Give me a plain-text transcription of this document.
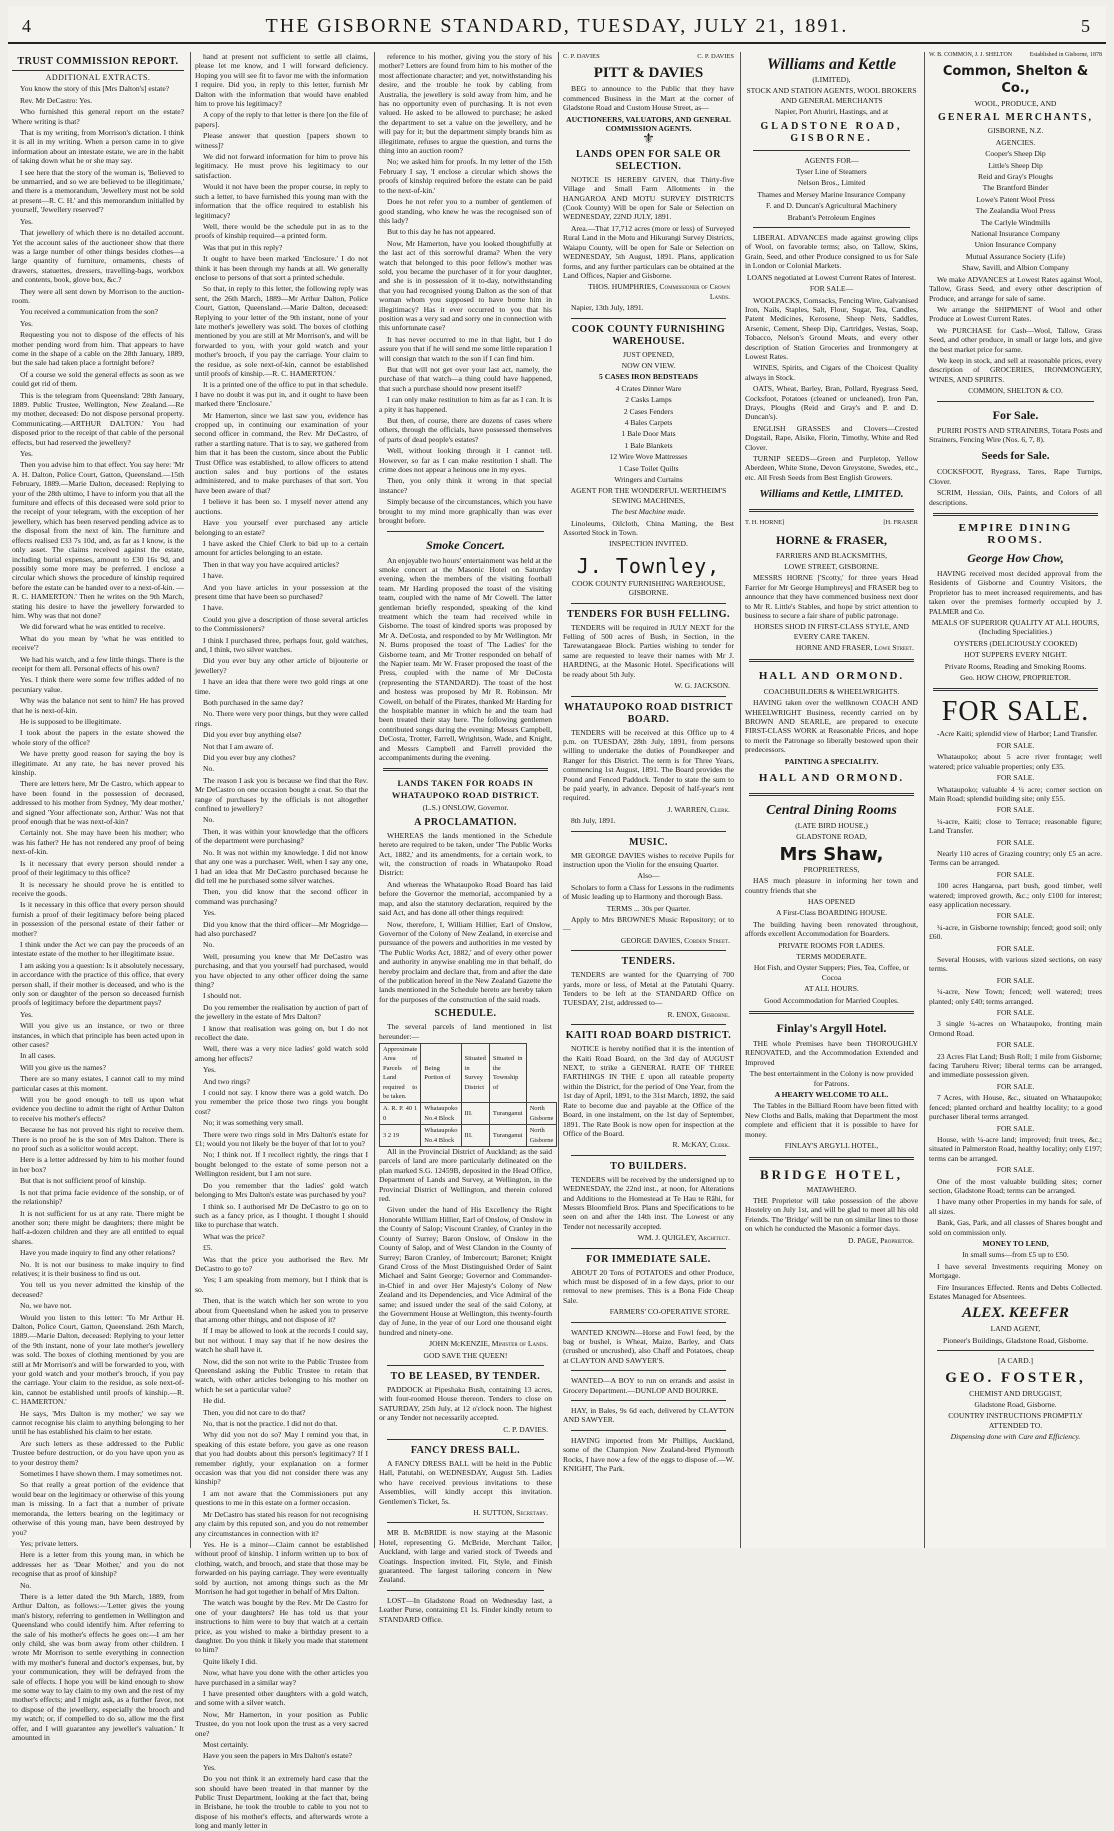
4	THE GISBORNE STANDARD, TUESDAY, JULY 21, 1891.	5
TRUST COMMISSION REPORT.
ADDITIONAL EXTRACTS.

You know the story of this [Mrs Dalton's] estate?

Rev. Mr DeCastro: Yes.

Who furnished this general report on the estate? Where writing is that?

That is my writing, from Morrison's dictation. I think it is all in my writing. When a person came in to give information about an intestate estate, we are in the habit of taking down what he or she may say.

I see here that the story of the woman is, 'Believed to be unmarried, and so we are believed to be illegitimate,' and there is a memorandum, 'Jewellery must not be sold at present—R. C. H.' and this memorandum initialled by yourself, 'Jewellery reserved'?

Yes.

That jewellery of which there is no detailed account. Yet the account sales of the auctioneer show that there was a large number of other things besides clothes—a large quantity of furniture, ornaments, chests of drawers, statuettes, dressers, travelling-bags, workbox and contents, book, glove box, &c.?

They were all sent down by Morrison to the auction-room.

You received a communication from the son?

Yes.

Requesting you not to dispose of the effects of his mother pending word from him. That appears to have come in the shape of a cable on the 28th January, 1889, but the sale had taken place a fortnight before?

Of a course we sold the general effects as soon as we could get rid of them.

This is the telegram from Queensland: '28th January, 1889. Public Trustee, Wellington, New Zealand.—Re my mother, deceased: Do not dispose personal property. Communicating.—ARTHUR DALTON.' You had disposed prior to the receipt of that cable of the personal effects, but had reserved the jewellery?

Yes.

Then you advise him to that effect. You say here: 'Mr A. H. Dalton, Police Court, Gatton, Queensland.—15th February, 1889.—Marie Dalton, deceased: Replying to your of the 28th ultimo, I have to inform you that all the furniture and effects of this deceased were sold prior to the receipt of your telegram, with the exception of her jewellery, which has been reserved pending advice as to the disposal from the next of kin. The furniture and effects realised £33 7s 10d, and, as far as I know, is the only asset. The claims received against the estate, including burial expenses, amount to £30 16s 9d, and possibly some more may be preferred. I enclose a circular which shows the procedure of kinship required before the estate can be handed over to a next-of-kin. —R. C. HAMERTON.' Then he writes on the 9th March, stating his desire to have the jewellery forwarded to him. Why was that not done?

We did forward what he was entitled to receive.

What do you mean by 'what he was entitled to receive'?

We had his watch, and a few little things. There is the receipt for them all. Personal effects of his own?

Yes. I think there were some few trifles added of no pecuniary value.

Why was the balance not sent to him? He has proved that he is next-of-kin.

He is supposed to be illegitimate.

I took about the papers in the estate showed the whole story of the office?

We have pretty good reason for saying the boy is illegitimate. At any rate, he has never proved his kinship.

There are letters here, Mr De Castro, which appear to have been found in the possession of deceased, addressed to his mother from Sydney, 'My dear mother,' and signed 'Your affectionate son, Arthur.' Was not that proof enough that he was next-of-kin?

Certainly not. She may have been his mother; who was his father? He has not rendered any proof of being next-of-kin.

Is it necessary that every person should render a proof of their legitimacy to this office?

It is necessary he should prove he is entitled to receive the goods.

Is it necessary in this office that every person should furnish a proof of their legitimacy before being placed in possession of the personal estate of their father or mother?

I think under the Act we can pay the proceeds of an intestate estate of the mother to her illegitimate issue.

I am asking you a question: Is it absolutely necessary, in accordance with the practice of this office, that every person shall, if their mother is deceased, and who is the only son or daughter of the person so deceased furnish proofs of legitimacy before the department pays?

Yes.

Will you give us an instance, or two or three instances, in which that principle has been acted upon in other cases?

In all cases.

Will you give us the names?

There are so many estates, I cannot call to my mind particular cases at this moment.

Will you be good enough to tell us upon what evidence you decline to admit the right of Arthur Dalton to receive his mother's effects?

Because he has not proved his right to receive them. There is no proof he is the son of Mrs Dalton. There is no proof such as a solicitor would accept.

Here is a letter addressed by him to his mother found in her box?

But that is not sufficient proof of kinship.

Is not that prima facie evidence of the sonship, or of the relationship?

It is not sufficient for us at any rate. There might be another son; there might be daughters; there might be half-a-dozen children and they are all entitled to equal shares.

Have you made inquiry to find any other relations?

No. It is not our business to make inquiry to find relatives; it is their business to find us out.

You tell us you never admitted the kinship of the deceased?

No, we have not.

Would you listen to this letter: 'To Mr Arthur H. Dalton, Police Court, Gatton, Queensland. 26th March, 1889.—Marie Dalton, deceased: Replying to your letter of the 9th instant, none of your late mother's jewellery was sold. The boxes of clothing mentioned by you are still at Mr Morrison's and will be forwarded to you, with your gold watch and your mother's brooch, if you pay the carriage. Your claim to the residue, as sole next-of-kin, cannot be established until proofs of kinship.—R. C. HAMERTON.'

He says, 'Mrs Dalton is my mother;' we say we cannot recognise his claim to anything belonging to her until he has established his claim to her estate.

Are such letters as these addressed to the Public Trustee before destruction, or do you have upon you as to your destroy them?

Sometimes I have shown them. I may sometimes not.

So that really a great portion of the evidence that would bear on the legitimacy or otherwise of this young man is missing. In a fact that a number of private memoranda, the letters bearing on the legitimacy or otherwise of this young man, have been destroyed by you?

Yes; private letters.

Here is a letter from this young man, in which he addresses her as 'Dear Mother,' and you do not recognise that as proof of kinship?

No.

There is a letter dated the 9th March, 1889, from Arthur Dalton, as follows:—'Letter gives the young man's history, referring to gentlemen in Wellington and Queensland who could identify him. After referring to the sale of his mother's effects he goes on:—I am her only child, she was born away from other children. I wrote Mr Morrison to settle everything in connection with my mother's funeral and doctor's expenses, but, by your communication, they will be defrayed from the sale of effects. I hope you will be kind enough to show me some way to lay claim to my own and the rest of my mother's effects; and I might ask, as a further favor, not to dispose of the jewellery, especially the brooch and my watch; or, if compelled to do so, allow me the first offer, and I will guarantee any jeweller's valuation.' It amounted in

hand at present not sufficient to settle all claims, please let me know, and I will forward deficiency. Hoping you will see fit to favor me with the information I require. Did you, in reply to this letter, furnish Mr Dalton with the information that would have enabled him to prove his legitimacy?

A copy of the reply to that letter is there [on the file of papers].

Please answer that question [papers shown to witness]?

We did not forward information for him to prove his legitimacy. He must prove his legitimacy to our satisfaction.

Would it not have been the proper course, in reply to such a letter, to have furnished this young man with the information that the office required to establish his legitimacy?

Well, there would be the schedule put in as to the proofs of kinship required—a printed form.

Was that put in this reply?

It ought to have been marked 'Enclosure.' I do not think it has been through my hands at all. We generally enclose to persons of that sort a printed schedule.

So that, in reply to this letter, the following reply was sent, the 26th March, 1889—Mr Arthur Dalton, Police Court, Gatton, Queensland.—Marie Dalton, deceased: Replying to your letter of the 9th instant, none of your late mother's jewellery was sold. The boxes of clothing mentioned by you are still at Mr Morrison's, and will be forwarded to you, with your gold watch and your mother's brooch, if you pay the carriage. Your claim to the residue, as sole next-of-kin, cannot be established until proofs of kinship.—R. C. HAMERTON.'

It is a printed one of the office to put in that schedule. I have no doubt it was put in, and it ought to have been marked there 'Enclosure.'

Mr Hamerton, since we last saw you, evidence has cropped up, in continuing our examination of your second officer in command, the Rev. Mr DeCastro, of rather a startling nature. That is to say, we gathered from him that it has been the custom, since about the Public Trust Office was established, to allow officers to attend auction sales and buy portions of the estates administered, and to make purchases of that sort. You have been aware of that?

I believe it has been so. I myself never attend any auctions.

Have you yourself ever purchased any article belonging to an estate?

I have asked the Chief Clerk to bid up to a certain amount for articles belonging to an estate.

Then in that way you have acquired articles?

I have.

And you have articles in your possession at the present time that have been so purchased?

I have.

Could you give a description of those several articles to the Commissioners?

I think I purchased three, perhaps four, gold watches, and, I think, two silver watches.

Did you ever buy any other article of bijouterie or jewellery?

I have an idea that there were two gold rings at one time.

Both purchased in the same day?

No. There were very poor things, but they were called rings.

Did you ever buy anything else?

Not that I am aware of.

Did you ever buy any clothes?

No.

The reason I ask you is because we find that the Rev. Mr DeCastro on one occasion bought a coat. So that the range of purchases by the officials is not altogether confined to jewellery?

No.

Then, it was within your knowledge that the officers of the department were purchasing?

No. It was not within my knowledge. I did not know that any one was a purchaser. Well, when I say any one, I had an idea that Mr DeCastro purchased because he did tell me he purchased some silver watches.

Then, you did know that the second officer in command was purchasing?

Yes.

Did you know that the third officer—Mr Mogridge—had also purchased?

No.

Well, presuming you knew that Mr DeCastro was purchasing, and that you yourself had purchased, would you have objected to any other officer doing the same thing?

I should not.

Do you remember the realisation by auction of part of the jewellery in the estate of Mrs Dalton?

I know that realisation was going on, but I do not recollect the date.

Well, there was a very nice ladies' gold watch sold among her effects?

Yes.

And two rings?

I could not say. I know there was a gold watch. Do you remember the price those two rings you bought cost?

No; it was something very small.

There were two rings sold in Mrs Dalton's estate for £1; would you not likely be the buyer of that lot to you?

No; I think not. If I recollect rightly, the rings that I bought belonged to the estate of some person not a Wellington resident, but I am not sure.

Do you remember that the ladies' gold watch belonging to Mrs Dalton's estate was purchased by you?

I think so. I authorised Mr De DeCastro to go on to such as a fancy price, as I thought. I thought I should like to purchase that watch.

What was the price?

£5.

Was that the price you authorised the Rev. Mr DeCastro to go to?

Yes; I am speaking from memory, but I think that is so.

Then, that is the watch which her son wrote to you about from Queensland when he asked you to preserve that among other things, and not dispose of it?

If I may be allowed to look at the records I could say, but not without. I may say that if he now desires the watch he shall have it.

Now, did the son not write to the Public Trustee from Queensland asking the Public Trustee to retain that watch, with other articles belonging to his mother on which he set a particular value?

He did.

Then, you did not care to do that?

No, that is not the practice. I did not do that.

Why did you not do so? May I remind you that, in speaking of this estate before, you gave as one reason that you had doubts about this person's legitimacy? If I remember rightly, your explanation on a former occasion was that you did not consider there was any kinship?

I am not aware that the Commissioners put any questions to me in this estate on a former occasion.

Mr DeCastro has stated his reason for not recognising any claim by this reputed son, and you do not remember any circumstances in connection with it?

Yes. He is a minor—Claim cannot be established without proof of kinship. I inform written up to box of clothing, watch, and brooch, and state that those may be forwarded on his paying carriage. They were eventually sold by auction, not among things such as the Mr Morrison he had got together in behalf of Mrs Dalton.

The watch was bought by the Rev. Mr De Castro for one of your daughters? He has told us that your instructions to him were to buy that watch at a certain price, as you wished to make a birthday present to a daughter. Do you think it likely you made that statement to him?

Quite likely I did.

Now, what have you done with the other articles you have purchased in a similar way?

I have presented other daughters with a gold watch, and some with a silver watch.

Now, Mr Hamerton, in your position as Public Trustee, do you not look upon the trust as a very sacred one?

Most certainly.

Have you seen the papers in Mrs Dalton's estate?

Yes.

Do you not think it an extremely hard case that the son should have been treated in that manner by the Public Trust Department, looking at the fact that, being in Brisbane, he took the trouble to cable to you not to dispose of his mother's effects, and afterwards wrote a long and manly letter in

reference to his mother, giving you the story of his mother? Letters are found from him to his mother of the most affectionate character; and yet, notwithstanding his desire, and the trouble he took by cabling from Australia, the jewellery is sold away from him, and he has no opportunity even of purchasing. It is not even valued. He asked to be allowed to purchase; he asked the department to set a value on the jewellery, and he will pay for it; but the department simply brands him as illegitimate, refuses to argue the question, and turns the thing into an auction room?

No; we asked him for proofs. In my letter of the 15th February I say, 'I enclose a circular which shows the proofs of kinship required before the estate can be paid to the next-of-kin.'

Does he not refer you to a number of gentlemen of good standing, who knew he was the recognised son of this lady?

But to this day he has not appeared.

Now, Mr Hamerton, have you looked thoughtfully at the last act of this sorrowful drama? When the very watch that belonged to this poor fellow's mother was sold, you became the purchaser of it for your daughter, and she is in possession of it to-day, notwithstanding that you had recognised young Dalton as the son of that woman whom you supposed to have borne him in illegitimacy? Has it ever occurred to you that his position was a very sad and sorry one in connection with this unfortunate case?

It has never occurred to me in that light, but I do assure you that if he will send me some little reparation I will consign that watch to the son if I can find him.

But that will not get over your last act, namely, the purchase of that watch—a thing could have happened, that such a purchase should now present itself?

I can only make restitution to him as far as I can. It is a pity it has happened.

But then, of course, there are dozens of cases where others, through the officials, have possessed themselves of parts of dead people's estates?

Well, without looking through it I cannot tell. However, so far as I can make restitution I shall. The crime does not appear a heinous one in my eyes.

Then, you only think it wrong in that special instance?

Simply because of the circumstances, which you have brought to my mind more graphically than was ever brought before.

Smoke Concert.

An enjoyable two hours' entertainment was held at the smoke concert at the Masonic Hotel on Saturday evening, when the members of the visiting football team. Mr Harding proposed the toast of the visiting team, coupled with the name of Mr Cowell. The latter gentleman briefly responded, speaking of the kind treatment which the team had received while in Gisborne. The toast of kindred sports was proposed by Mr A. DeCosta, and responded to by Mr Wellington. Mr N. Burns proposed the toast of 'The Ladies' for the Gisborne team, and Mr Trotter responded on behalf of the Napier team. Mr W. Fraser proposed the toast of the Press, coupled with the name of Mr DeCosta (representing the STANDARD). The toast of the host and hostess was proposed by Mr R. Robinson. Mr Cowell, on behalf of the Pirates, thanked Mr Harding for the hospitable manner in which he and the team had been treated their stay here. The following gentlemen contributed songs during the evening: Messrs Campbell, DeCosta, Trotter, Farrell, Wrightson, Wade, and Knight, and Messrs Campbell and Farrell provided the accompaniments during the evening.

LANDS TAKEN FOR ROADS IN WHATAUPOKO ROAD DISTRICT.

(L.S.) ONSLOW, Governor.

A PROCLAMATION.

WHEREAS the lands mentioned in the Schedule hereto are required to be taken, under 'The Public Works Act, 1882,' and its amendments, for a certain work, to wit, the construction of roads in Whataupoko Road District:

And whereas the Whataupoko Road Board has laid before the Governor the memorial, accompanied by a map, and also the statutory declaration, required by the said Act, and has done all other things required:

Now, therefore, I, William Hillier, Earl of Onslow, Governor of the Colony of New Zealand, in exercise and pursuance of the powers and authorities in me vested by 'The Public Works Act, 1882,' and of every other power and authority in anywise enabling me in that behalf, do hereby proclaim and declare that, from and after the date of the publication hereof in the New Zealand Gazette the lands mentioned in the Schedule hereto are hereby taken for the purposes of the construction of the said roads.

SCHEDULE.

The several parcels of land mentioned in list hereunder:—

Approximate Area of Parcels of Land required to be taken.	Being Portion of	Situated in Survey District	Situated in the Township of	
A. R. P. 40 1 0	Whataupoko No.4 Block	III.	Turanganui	North Gisborne
3 2 19	Whataupoko No.4 Block	III.	Turanganui	North Gisborne

All in the Provincial District of Auckland; as the said parcels of land are more particularly delineated on the plan marked S.G. 12459B, deposited in the Head Office, Department of Lands and Survey, at Wellington, in the Provincial District of Wellington, and therein colored red.

Given under the hand of His Excellency the Right Honorable William Hillier, Earl of Onslow, of Onslow in the County of Salop; Viscount Cranley, of Cranley in the County of Surrey; Baron Onslow, of Onslow in the County of Salop, and of West Clandon in the County of Surrey; Baron Cranley, of Imbercourt; Baronet; Knight Grand Cross of the Most Distinguished Order of Saint Michael and Saint George; Governor and Commander-in-Chief in and over Her Majesty's Colony of New Zealand and its Dependencies, and Vice Admiral of the same; and issued under the seal of the said Colony, at the Government House at Wellington, this twenty-fourth day of June, in the year of our Lord one thousand eight hundred and ninety-one.

JOHN McKENZIE, Minister of Lands.

GOD SAVE THE QUEEN!

TO BE LEASED, BY TENDER.

PADDOCK at Pipeshaka Bush, containing 13 acres, with four-roomed House thereon. Tenders to close on SATURDAY, 25th July, at 12 o'clock noon. The highest or any Tender not necessarily accepted.

C. P. DAVIES.

FANCY DRESS BALL.

A FANCY DRESS BALL will be held in the Public Hall, Patutahi, on WEDNESDAY, August 5th. Ladies who have received previous invitations to these Assemblies, will kindly accept this invitation. Gentlemen's Ticket, 5s.

H. SUTTON, Secretary.

MR B. McBRIDE is now staying at the Masonic Hotel, representing G. McBride, Merchant Tailor, Auckland, with large and varied stock of Tweeds and Coatings. Inspection invited. Fit, Style, and Finish guaranteed. The largest tailoring concern in New Zealand.

LOST—In Gladstone Road on Wednesday last, a Leather Purse, containing £1 1s. Finder kindly return to STANDARD Office.

C. P. DAVIES	C. P. DAVIES
PITT & DAVIES

BEG to announce to the Public that they have commenced Business in the Mart at the corner of Gladstone Road and Custom House Street, as—

AUCTIONEERS, VALUATORS, AND GENERAL COMMISSION AGENTS.

⚜
LANDS OPEN FOR SALE OR SELECTION.

NOTICE IS HEREBY GIVEN, that Thirty-five Village and Small Farm Allotments in the HANGAROA AND MOTU SURVEY DISTRICTS (Cook County) Will be open for Sale or Selection on WEDNESDAY, 22ND JULY, 1891.

Area.—That 17,712 acres (more or less) of Surveyed Rural Land in the Motu and Hikurangi Survey Districts, Waiapu County, will be open for Sale or Selection on WEDNESDAY, 5th August, 1891. Plans, application forms, and any further particulars can be obtained at the Land Offices, Napier and Gisborne.

THOS. HUMPHRIES, Commissioner of Crown Lands.

Napier, 13th July, 1891.

COOK COUNTY FURNISHING WAREHOUSE.

JUST OPENED,

NOW ON VIEW.

5 CASES IRON BEDSTEADS

4 Crates Dinner Ware

2 Casks Lamps

2 Cases Fenders

4 Bales Carpets

1 Bale Door Mats

1 Bale Blankets

12 Wire Wove Mattresses

1 Case Toilet Quilts

Wringers and Curtains

AGENT FOR THE WONDERFUL WERTHEIM'S SEWING MACHINES,

The best Machine made.

Linoleums, Oilcloth, China Matting, the Best Assorted Stock in Town.

INSPECTION INVITED.

J. Townley,

COOK COUNTY FURNISHING WAREHOUSE, GISBORNE.

TENDERS FOR BUSH FELLING.

TENDERS will be required in JULY NEXT for the Felling of 500 acres of Bush, in Section, in the Tarewatangaeae Block. Parties wishing to tender for same are requested to leave their names with Mr J. HARDING, at the Masonic Hotel. Specifications will be ready about 5th July.

W. G. JACKSON.

WHATAUPOKO ROAD DISTRICT BOARD.

TENDERS will be received at this Office up to 4 p.m. on TUESDAY, 28th July, 1891, from persons willing to undertake the duties of Poundkeeper and Ranger for this District. The term is for Three Years, commencing 1st August, 1891. The Board provides the Pound and Fenced Paddock. Tender to state the sum to be paid yearly, in advance. Deposit of half-year's rent required.

J. WARREN, Clerk.

8th July, 1891.

MUSIC.

MR GEORGE DAVIES wishes to receive Pupils for instruction upon the Violin for the ensuing Quarter.

Also—

Scholars to form a Class for Lessons in the rudiments of Music leading up to Harmony and thorough Bass.

TERMS ... 30s per Quarter.

Apply to Mrs BROWNE'S Music Repository; or to—

GEORGE DAVIES, Cobden Street.

TENDERS.

TENDERS are wanted for the Quarrying of 700 yards, more or less, of Metal at the Patutahi Quarry. Tenders to be left at the STANDARD Office on TUESDAY, 21st, addressed to—

R. ENOX, Gisborne.

KAITI ROAD BOARD DISTRICT.

NOTICE is hereby notified that it is the intention of the Kaiti Road Board, on the 3rd day of AUGUST NEXT, to strike a GENERAL RATE OF THREE FARTHINGS IN THE £ upon all rateable property within the District, for the period of One Year, from the 1st day of April, 1891, to the 31st March, 1892, the said Rate to become due and payable at the Office of the Board, in one instalment, on the 1st day of September, 1891. The Rate Book is now open for inspection at the Office of the Board.

R. McKAY, Clerk.

TO BUILDERS.

TENDERS will be received by the undersigned up to WEDNESDAY, the 22nd inst., at noon, for Alterations and Additions to the Homestead at Te Hau te Rāhi, for Messrs Bloomfield Bros. Plans and Specifications to be seen on and after the 14th inst. The Lowest or any Tender not necessarily accepted.

WM. J. QUIGLEY, Architect.

FOR IMMEDIATE SALE.

ABOUT 20 Tons of POTATOES and other Produce, which must be disposed of in a few days, prior to our removal to new premises. This is a Bona Fide Cheap Sale.

FARMERS' CO-OPERATIVE STORE.

WANTED KNOWN—Horse and Fowl feed, by the bag or bushel, is Wheat, Maize, Barley, and Oats (crushed or uncrushed), also Chaff and Potatoes, cheap at CLAYTON AND SAWYER'S.

WANTED—A BOY to run on errands and assist in Grocery Department.—DUNLOP AND BOURKE.

HAY, in Bales, 9s 6d each, delivered by CLAYTON AND SAWYER.

HAVING imported from Mr Phillips, Auckland, some of the Champion New Zealand-bred Plymouth Rocks, I have now a few of the eggs to dispose of.—W. KNIGHT, The Park.

Williams and Kettle

(LIMITED),

STOCK AND STATION AGENTS, WOOL BROKERS AND GENERAL MERCHANTS

Napier, Port Ahuriri, Hastings, and at

GLADSTONE ROAD, GISBORNE.

AGENTS FOR—

Tyser Line of Steamers

Nelson Bros., Limited

Thames and Mersey Marine Insurance Company

F. and D. Duncan's Agricultural Machinery

Brabant's Petroleum Engines

LIBERAL ADVANCES made against growing clips of Wool, on favorable terms; also, on Tallow, Skins, Grain, Seed, and other Produce consigned to us for Sale in London or Colonial Markets.

LOANS negotiated at Lowest Current Rates of Interest.

FOR SALE—

WOOLPACKS, Cornsacks, Fencing Wire, Galvanised Iron, Nails, Staples, Salt, Flour, Sugar, Tea, Candles, Patent Medicines, Kerosene, Sheep Nets, Saddles, Arsenic, Cement, Sheep Dip, Cartridges, Vestas, Soap, Tobacco, Nelson's Ground Meats, and every other description of Station Groceries and Ironmongery at Lowest Rates.

WINES, Spirits, and Cigars of the Choicest Quality always in Stock.

OATS, Wheat, Barley, Bran, Pollard, Ryegrass Seed, Cocksfoot, Potatoes (cleaned or uncleaned), Iron Pan, Drays, Ploughs (Reid and Gray's and P. and D. Duncan's).

ENGLISH GRASSES and Clovers—Crested Dogstail, Rape, Alsike, Florin, Timothy, White and Red Clover.

TURNIP SEEDS—Green and Purpletop, Yellow Aberdeen, White Stone, Devon Greystone, Swedes, etc., etc. All Fresh Seeds from Best English Growers.

Williams and Kettle, LIMITED.
T. H. HORNE]	[H. FRASER
HORNE & FRASER,

FARRIERS AND BLACKSMITHS,

LOWE STREET, GISBORNE.

MESSRS HORNE ['Scotty,' for three years Head Farrier for Mr George Humphreys] and FRASER beg to announce that they have commenced business next door to Mr R. Little's Stables, and hope by strict attention to business to secure a fair share of public patronage.

HORSES SHOD IN FIRST-CLASS STYLE, AND EVERY CARE TAKEN.

HORNE AND FRASER, Lowe Street.

HALL AND ORMOND.

COACHBUILDERS & WHEELWRIGHTS.

HAVING taken over the wellknown COACH AND WHEELWRIGHT Business, recently carried on by BROWN AND SEARLE, are prepared to execute FIRST-CLASS WORK at Reasonable Prices, and hope to merit the Patronage so liberally bestowed upon their predecessors.

PAINTING A SPECIALITY.

HALL AND ORMOND.
Central Dining Rooms

(LATE BIRD HOUSE,)

GLADSTONE ROAD,

Mrs Shaw,

PROPRIETRESS,

HAS much pleasure in informing her town and country friends that she

HAS OPENED

A First-Class BOARDING HOUSE.

The building having been renovated throughout, affords excellent Accommodation for Boarders.

PRIVATE ROOMS FOR LADIES.

TERMS MODERATE.

Hot Fish, and Oyster Suppers; Pies, Tea, Coffee, or Cocoa

AT ALL HOURS.

Good Accommodation for Married Couples.

Finlay's Argyll Hotel.

THE whole Premises have been THOROUGHLY RENOVATED, and the Accommodation Extended and Improved

The best entertainment in the Colony is now provided for Patrons.

A HEARTY WELCOME TO ALL.

The Tables in the Billiard Room have been fitted with New Cloths and Balls, making that Department the most complete and efficient that it is possible to have for money.

FINLAY'S ARGYLL HOTEL,

BRIDGE HOTEL,

MATAWHERO.

THE Proprietor will take possession of the above Hostelry on July 1st, and will be glad to meet all his old Friends. The 'Bridge' will be run on similar lines to those on which he conducted the Masonic a former days.

D. PAGE, Proprietor.

W. B. COMMON, J. J. SHELTON	Established in Gisborne, 1878
Common, Shelton & Co.,

WOOL, PRODUCE, AND

GENERAL MERCHANTS,

GISBORNE, N.Z.

AGENCIES.

Cooper's Sheep Dip

Little's Sheep Dip

Reid and Gray's Ploughs

The Brantford Binder

Lowe's Patent Wool Press

The Zealandia Wool Press

The Carlyle Windmills

National Insurance Company

Union Insurance Company

Mutual Assurance Society (Life)

Shaw, Savill, and Albion Company

We make ADVANCES at Lowest Rates against Wool, Tallow, Grass Seed, and every other description of Produce, and arrange for sale of same.

We arrange the SHIPMENT of Wool and other Produce at Lowest Current Rates.

We PURCHASE for Cash—Wool, Tallow, Grass Seed, and other produce, in small or large lots, and give the best market price for same.

We keep in stock, and sell at reasonable prices, every description of GROCERIES, IRONMONGERY, WINES, AND SPIRITS.

COMMON, SHELTON & CO.

For Sale.

PURIRI POSTS AND STRAINERS, Totara Posts and Strainers, Fencing Wire (Nos. 6, 7, 8).

Seeds for Sale.

COCKSFOOT, Ryegrass, Tares, Rape Turnips, Clover.

SCRIM, Hessian, Oils, Paints, and Colors of all descriptions.

EMPIRE DINING ROOMS.
George How Chow,

HAVING received most decided approval from the Residents of Gisborne and Country Visitors, the Proprietor has to meet increased requirements, and has taken over the premises formerly occupied by J. PALMER and Co.

MEALS OF SUPERIOR QUALITY AT ALL HOURS, (Including Specialities.)

OYSTERS (DELICIOUSLY COOKED)

HOT SUPPERS EVERY NIGHT.

Private Rooms, Reading and Smoking Rooms.

Geo. HOW CHOW, PROPRIETOR.

FOR SALE.

-Acre Kaiti; splendid view of Harbor; Land Transfer.

FOR SALE.

Whataupoko; about 5 acre river frontage; well watered; price valuable properties; only £35.

FOR SALE.

Whataupoko; valuable 4 ¼ acre; corner section on Main Road; splendid building site; only £55.

FOR SALE.

¼-acre, Kaiti; close to Terrace; reasonable figure; Land Transfer.

FOR SALE.

Nearly 110 acres of Grazing country; only £5 an acre. Terms can be arranged.

FOR SALE.

100 acres Hangaroa, part bush, good timber, well watered; improved growth, &c.; only £100 for interest; easy application necessary.

FOR SALE.

¼-acre, in Gisborne township; fenced; good soil; only £60.

FOR SALE.

Several Houses, with various sized sections, on easy terms.

FOR SALE.

¼-acre, New Town; fenced; well watered; trees planted; only £40; terms arranged.

FOR SALE.

3 single ¼-acres on Whataupoko, fronting main Ormond Road.

FOR SALE.

23 Acres Flat Land; Bush Roll; 1 mile from Gisborne; facing Taruheru River; liberal terms can be arranged, and immediate possession given.

FOR SALE.

7 Acres, with House, &c., situated on Whataupoko; fenced; planted orchard and healthy locality; to a good purchaser liberal terms arranged.

FOR SALE.

House, with ¼-acre land; improved; fruit trees, &c.; situated in Palmerston Road, healthy locality; only £197; terms can be arranged.

FOR SALE.

One of the most valuable building sites; corner section, Gladstone Road; terms can be arranged.

I have many other Properties in my hands for sale, of all sizes.

Bank, Gas, Park, and all classes of Shares bought and sold on commission only.

MONEY TO LEND,

In small sums—from £5 up to £50.

I have several Investments requiring Money on Mortgage.

Fire Insurances Effected. Rents and Debts Collected. Estates Managed for Absentees.

ALEX. KEEFER

LAND AGENT,

Pioneer's Buildings, Gladstone Road, Gisborne.

[A CARD.]

GEO. FOSTER,

CHEMIST AND DRUGGIST,

Gladstone Road, Gisborne.

COUNTRY INSTRUCTIONS PROMPTLY ATTENDED TO.

Dispensing done with Care and Efficiency.
